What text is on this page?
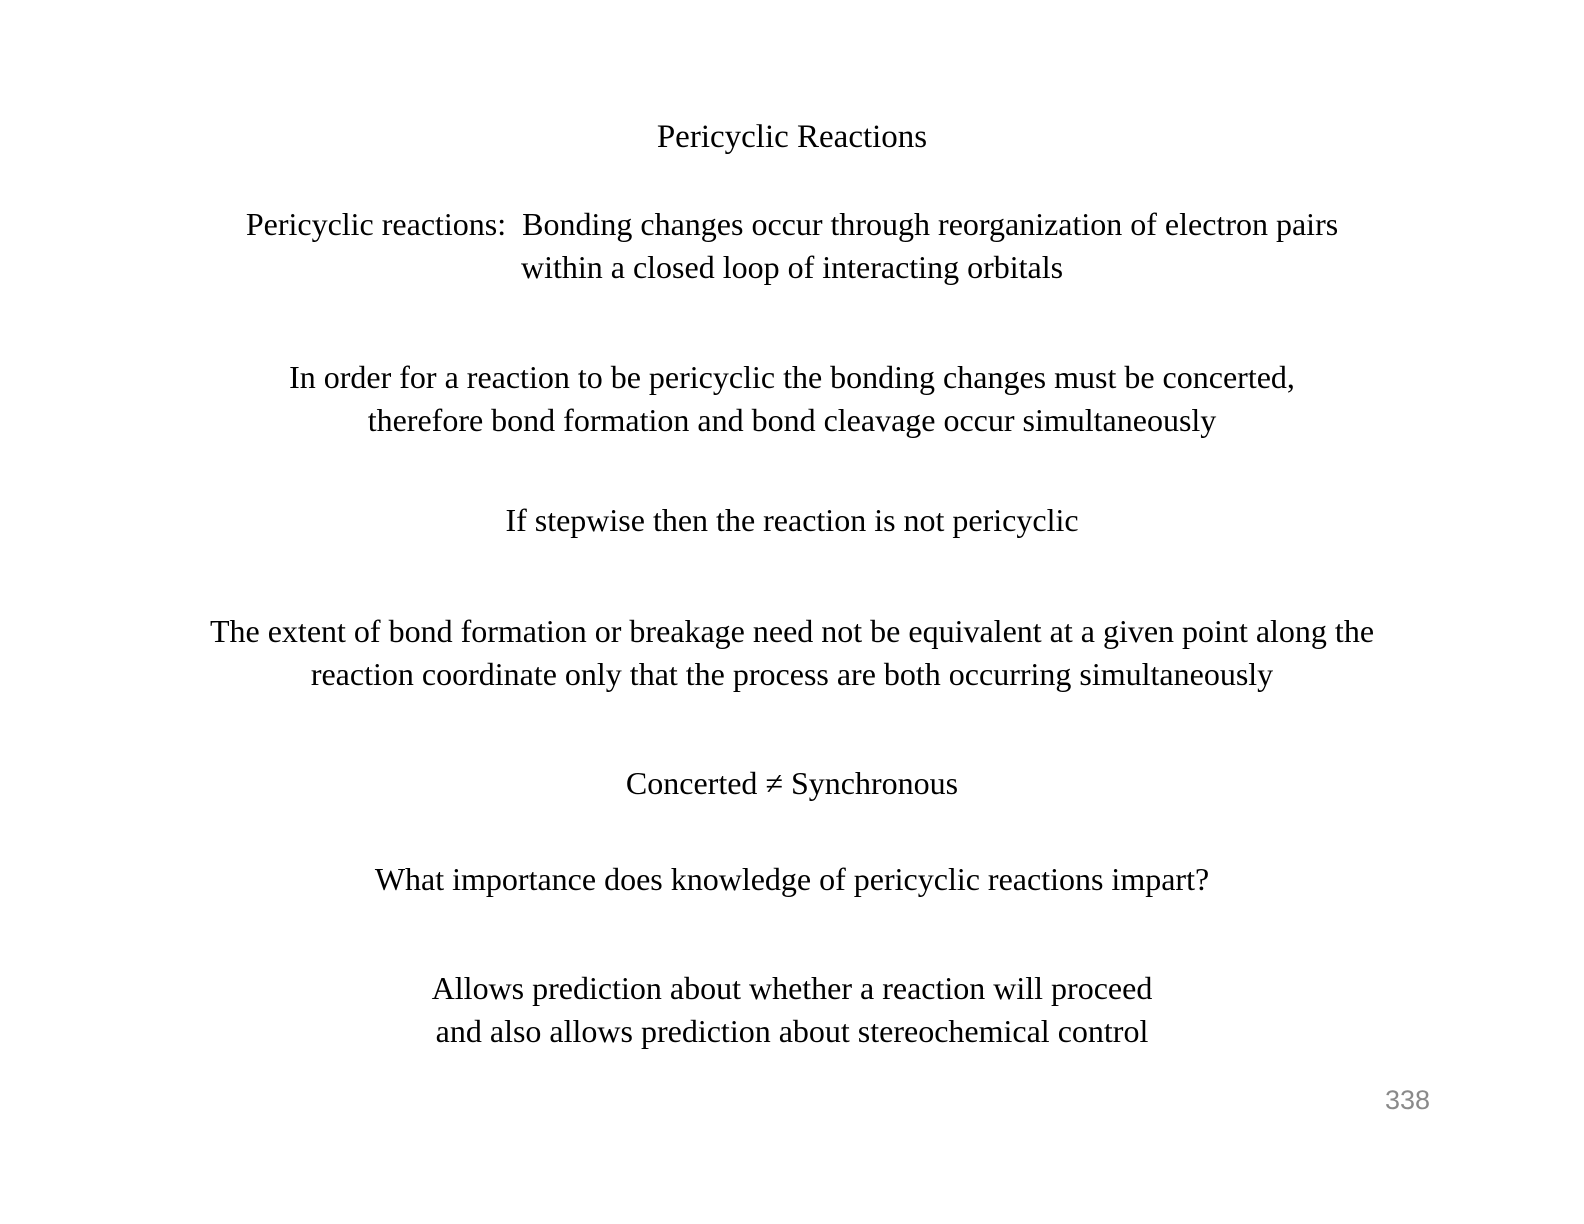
Pericyclic Reactions
Pericyclic reactions:  Bonding changes occur through reorganization of electron pairs
within a closed loop of interacting orbitals
In order for a reaction to be pericyclic the bonding changes must be concerted,
therefore bond formation and bond cleavage occur simultaneously
If stepwise then the reaction is not pericyclic
The extent of bond formation or breakage need not be equivalent at a given point along the
reaction coordinate only that the process are both occurring simultaneously
Concerted ≠ Synchronous
What importance does knowledge of pericyclic reactions impart?
Allows prediction about whether a reaction will proceed
and also allows prediction about stereochemical control
338
